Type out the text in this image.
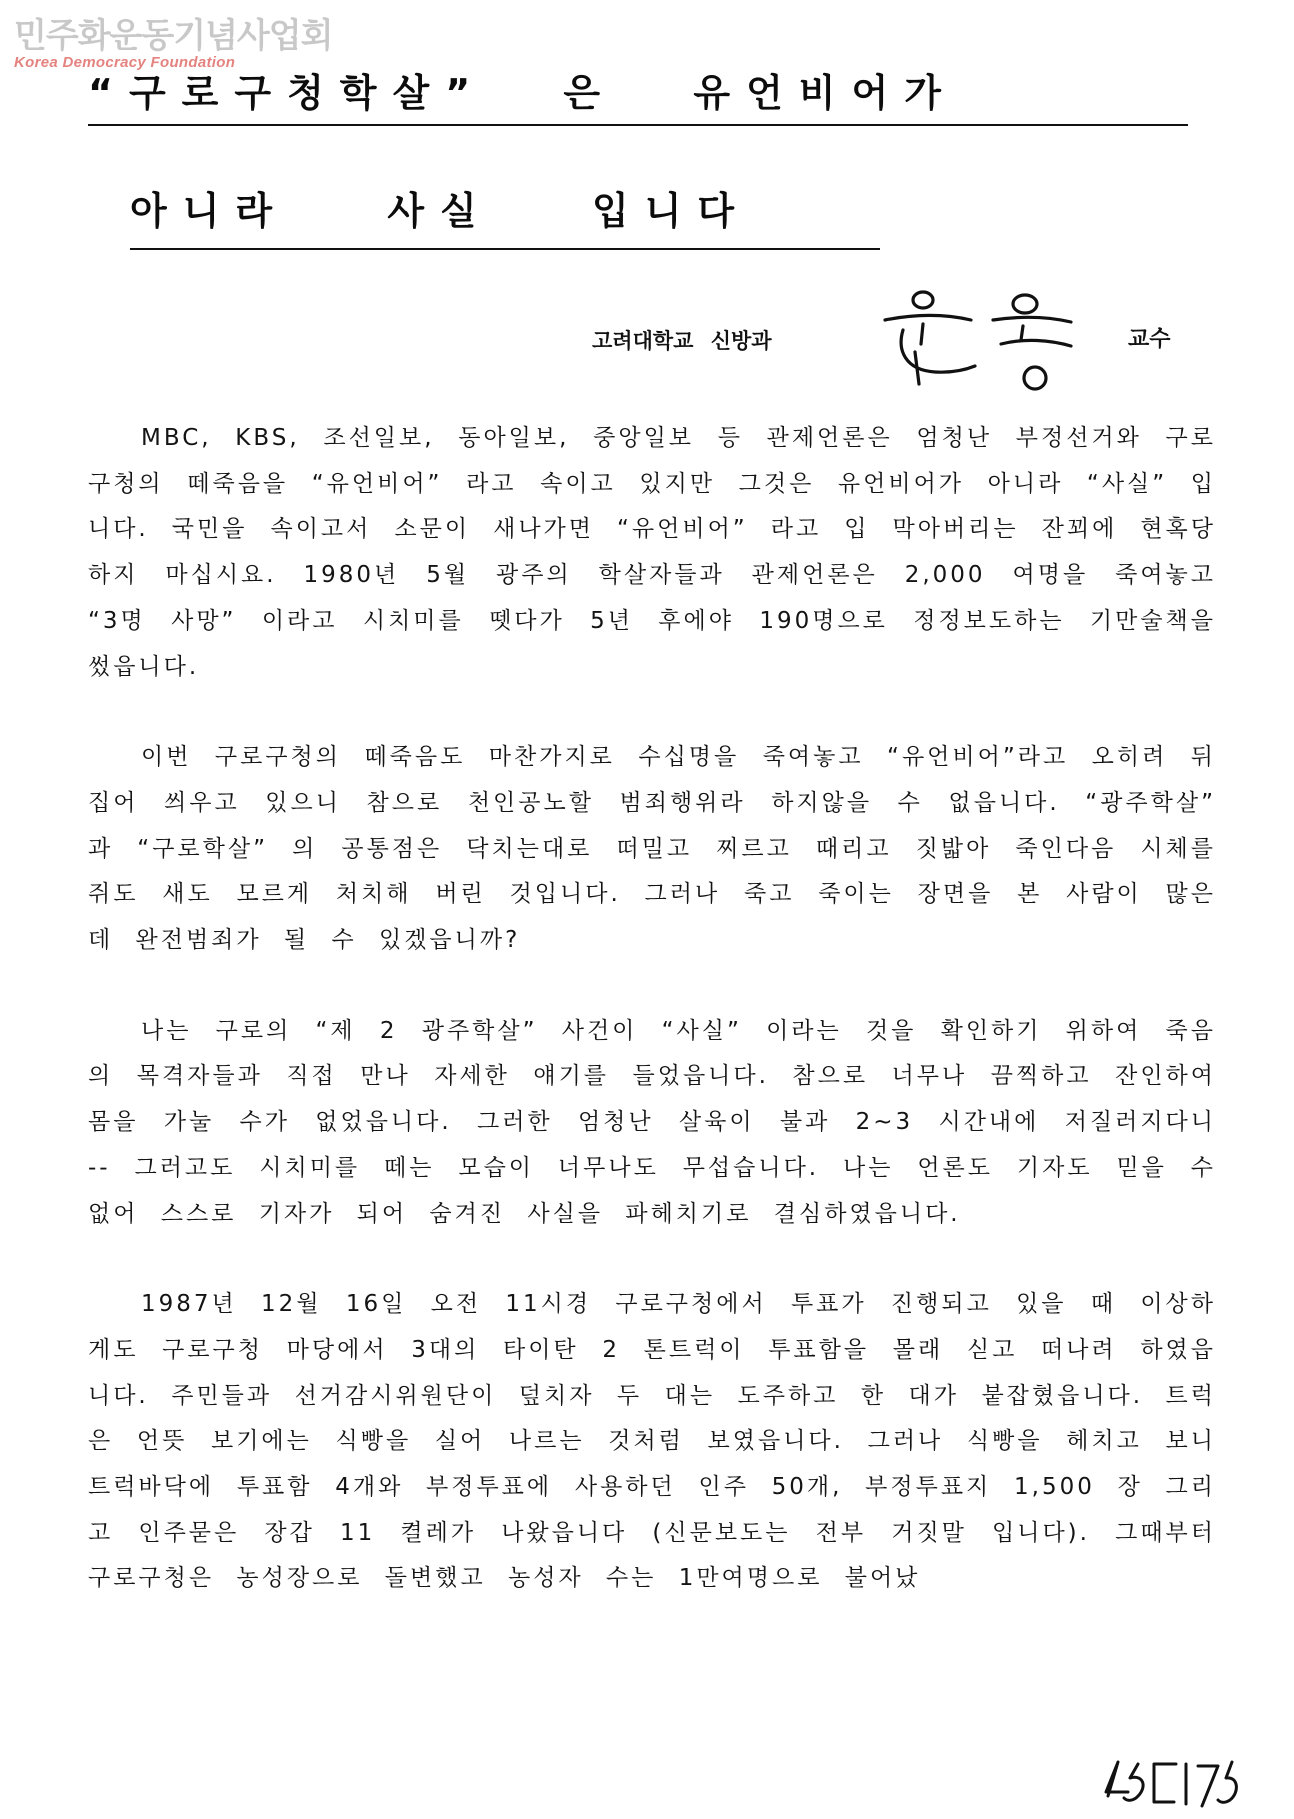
민주화운동기념사업회
Korea Democracy Foundation
“구로구청학살” 은 유언비어가
아니라 사실 입니다
고려대학교 신방과	교수

MBC, KBS, 조선일보, 동아일보, 중앙일보 등 관제언론은 엄청난 부정선거와 구로구청의 떼죽음을 “유언비어” 라고 속이고 있지만 그것은 유언비어가 아니라 “사실” 입니다. 국민을 속이고서 소문이 새나가면 “유언비어” 라고 입 막아버리는 잔꾀에 현혹당하지 마십시요. 1980년 5월 광주의 학살자들과 관제언론은 2,000 여명을 죽여놓고 “3명 사망” 이라고 시치미를 뗏다가 5년 후에야 190명으로 정정보도하는 기만술책을 썼읍니다.

이번 구로구청의 떼죽음도 마찬가지로 수십명을 죽여놓고 “유언비어”라고 오히려 뒤집어 씌우고 있으니 참으로 천인공노할 범죄행위라 하지않을 수 없읍니다. “광주학살” 과 “구로학살” 의 공통점은 닥치는대로 떠밀고 찌르고 때리고 짓밟아 죽인다음 시체를 쥐도 새도 모르게 처치해 버린 것입니다. 그러나 죽고 죽이는 장면을 본 사람이 많은데 완전범죄가 될 수 있겠읍니까?

나는 구로의 “제 2 광주학살” 사건이 “사실” 이라는 것을 확인하기 위하여 죽음의 목격자들과 직접 만나 자세한 얘기를 들었읍니다. 참으로 너무나 끔찍하고 잔인하여 몸을 가눌 수가 없었읍니다. 그러한 엄청난 살육이 불과 2~3 시간내에 저질러지다니 -- 그러고도 시치미를 떼는 모습이 너무나도 무섭습니다. 나는 언론도 기자도 믿을 수 없어 스스로 기자가 되어 숨겨진 사실을 파헤치기로 결심하였읍니다.

1987년 12월 16일 오전 11시경 구로구청에서 투표가 진행되고 있을 때 이상하게도 구로구청 마당에서 3대의 타이탄 2 톤트럭이 투표함을 몰래 싣고 떠나려 하였읍니다. 주민들과 선거감시위원단이 덮치자 두 대는 도주하고 한 대가 붙잡혔읍니다. 트럭은 언뜻 보기에는 식빵을 실어 나르는 것처럼 보였읍니다. 그러나 식빵을 헤치고 보니 트럭바닥에 투표함 4개와 부정투표에 사용하던 인주 50개, 부정투표지 1,500 장 그리고 인주묻은 장갑 11 켤레가 나왔읍니다 (신문보도는 전부 거짓말 입니다). 그때부터 구로구청은 농성장으로 돌변했고 농성자 수는 1만여명으로 불어났
